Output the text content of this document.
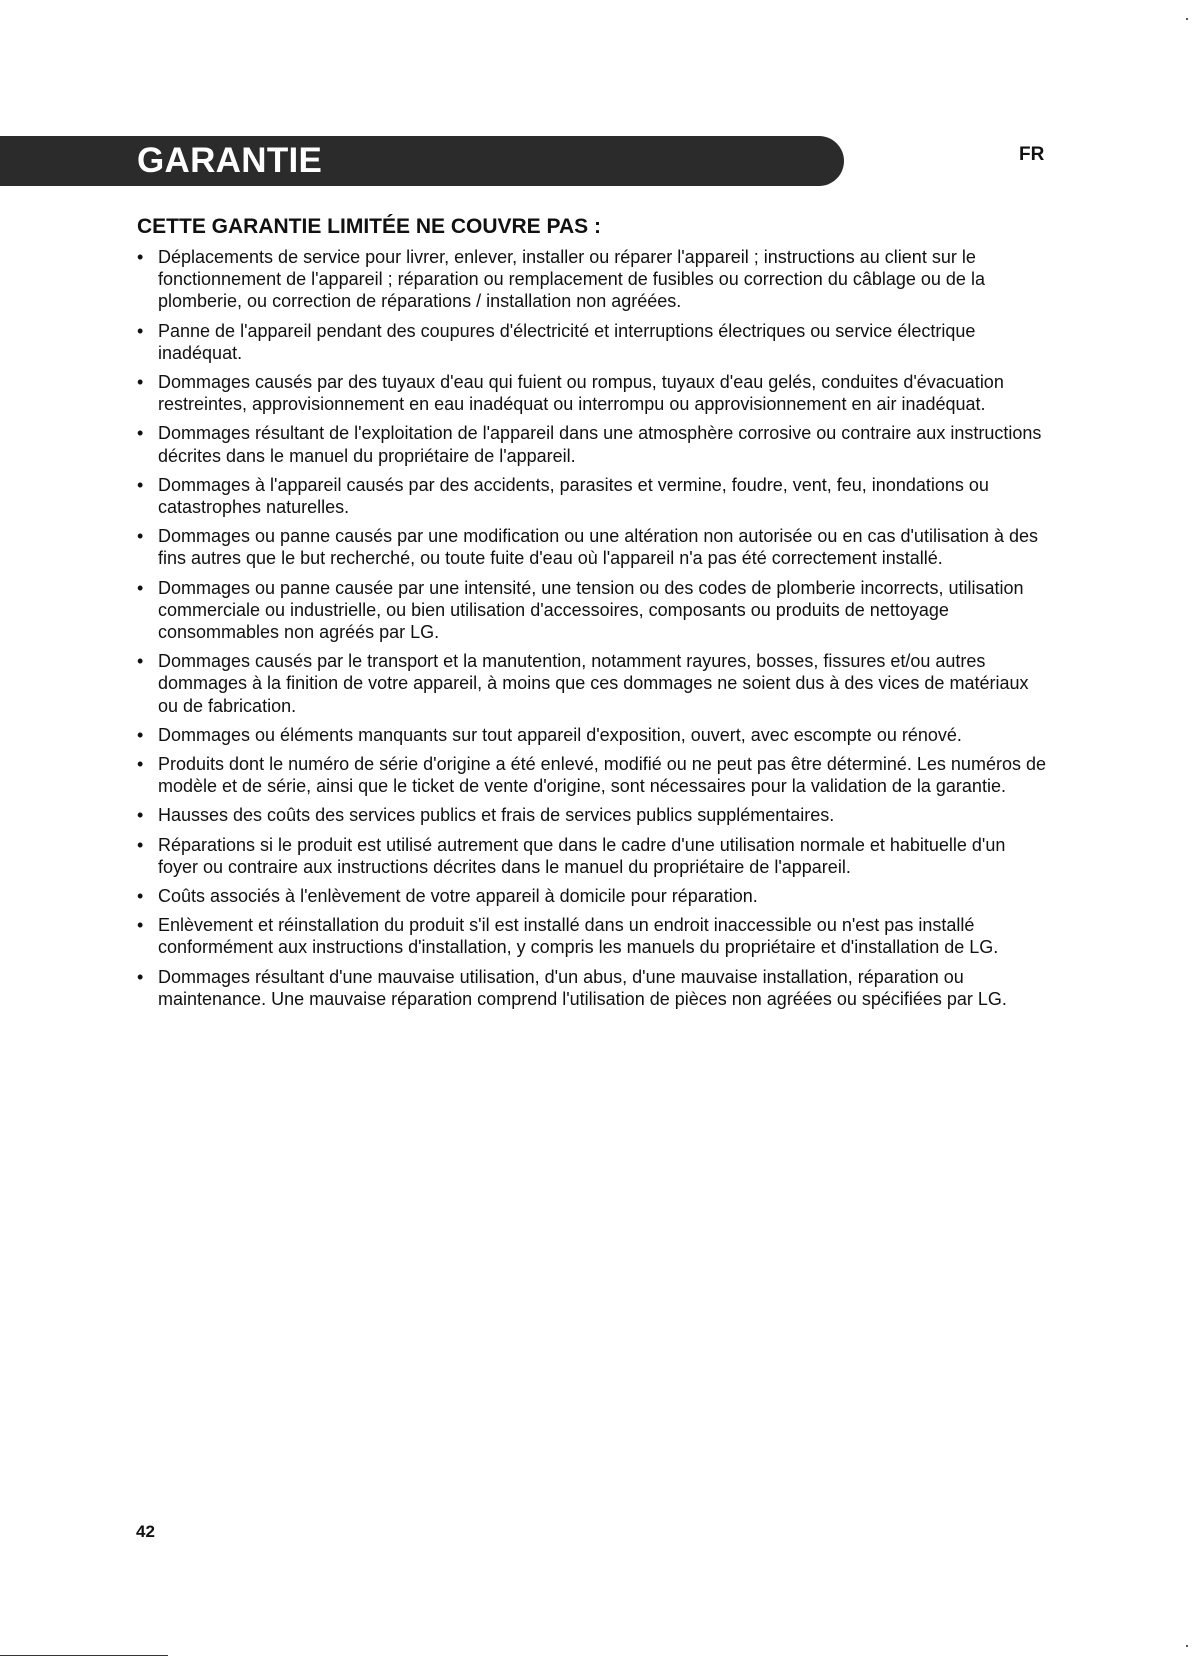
GARANTIE	FR
CETTE GARANTIE LIMITÉE NE COUVRE PAS :
• Déplacements de service pour livrer, enlever, installer ou réparer l'appareil ; instructions au client sur le fonctionnement de l'appareil ; réparation ou remplacement de fusibles ou correction du câblage ou de la plomberie, ou correction de réparations / installation non agréées.
• Panne de l'appareil pendant des coupures d'électricité et interruptions électriques ou service électrique inadéquat.
• Dommages causés par des tuyaux d'eau qui fuient ou rompus, tuyaux d'eau gelés, conduites d'évacuation restreintes, approvisionnement en eau inadéquat ou interrompu ou approvisionnement en air inadéquat.
• Dommages résultant de l'exploitation de l'appareil dans une atmosphère corrosive ou contraire aux instructions décrites dans le manuel du propriétaire de l'appareil.
• Dommages à l'appareil causés par des accidents, parasites et vermine, foudre, vent, feu, inondations ou catastrophes naturelles.
• Dommages ou panne causés par une modification ou une altération non autorisée ou en cas d'utilisation à des fins autres que le but recherché, ou toute fuite d'eau où l'appareil n'a pas été correctement installé.
• Dommages ou panne causée par une intensité, une tension ou des codes de plomberie incorrects, utilisation commerciale ou industrielle, ou bien utilisation d'accessoires, composants ou produits de nettoyage consommables non agréés par LG.
• Dommages causés par le transport et la manutention, notamment rayures, bosses, fissures et/ou autres dommages à la finition de votre appareil, à moins que ces dommages ne soient dus à des vices de matériaux ou de fabrication.
• Dommages ou éléments manquants sur tout appareil d'exposition, ouvert, avec escompte ou rénové.
• Produits dont le numéro de série d'origine a été enlevé, modifié ou ne peut pas être déterminé. Les numéros de modèle et de série, ainsi que le ticket de vente d'origine, sont nécessaires pour la validation de la garantie.
• Hausses des coûts des services publics et frais de services publics supplémentaires.
• Réparations si le produit est utilisé autrement que dans le cadre d'une utilisation normale et habituelle d'un foyer ou contraire aux instructions décrites dans le manuel du propriétaire de l'appareil.
• Coûts associés à l'enlèvement de votre appareil à domicile pour réparation.
• Enlèvement et réinstallation du produit s'il est installé dans un endroit inaccessible ou n'est pas installé conformément aux instructions d'installation, y compris les manuels du propriétaire et d'installation de LG.
• Dommages résultant d'une mauvaise utilisation, d'un abus, d'une mauvaise installation, réparation ou maintenance. Une mauvaise réparation comprend l'utilisation de pièces non agréées ou spécifiées par LG.
42
